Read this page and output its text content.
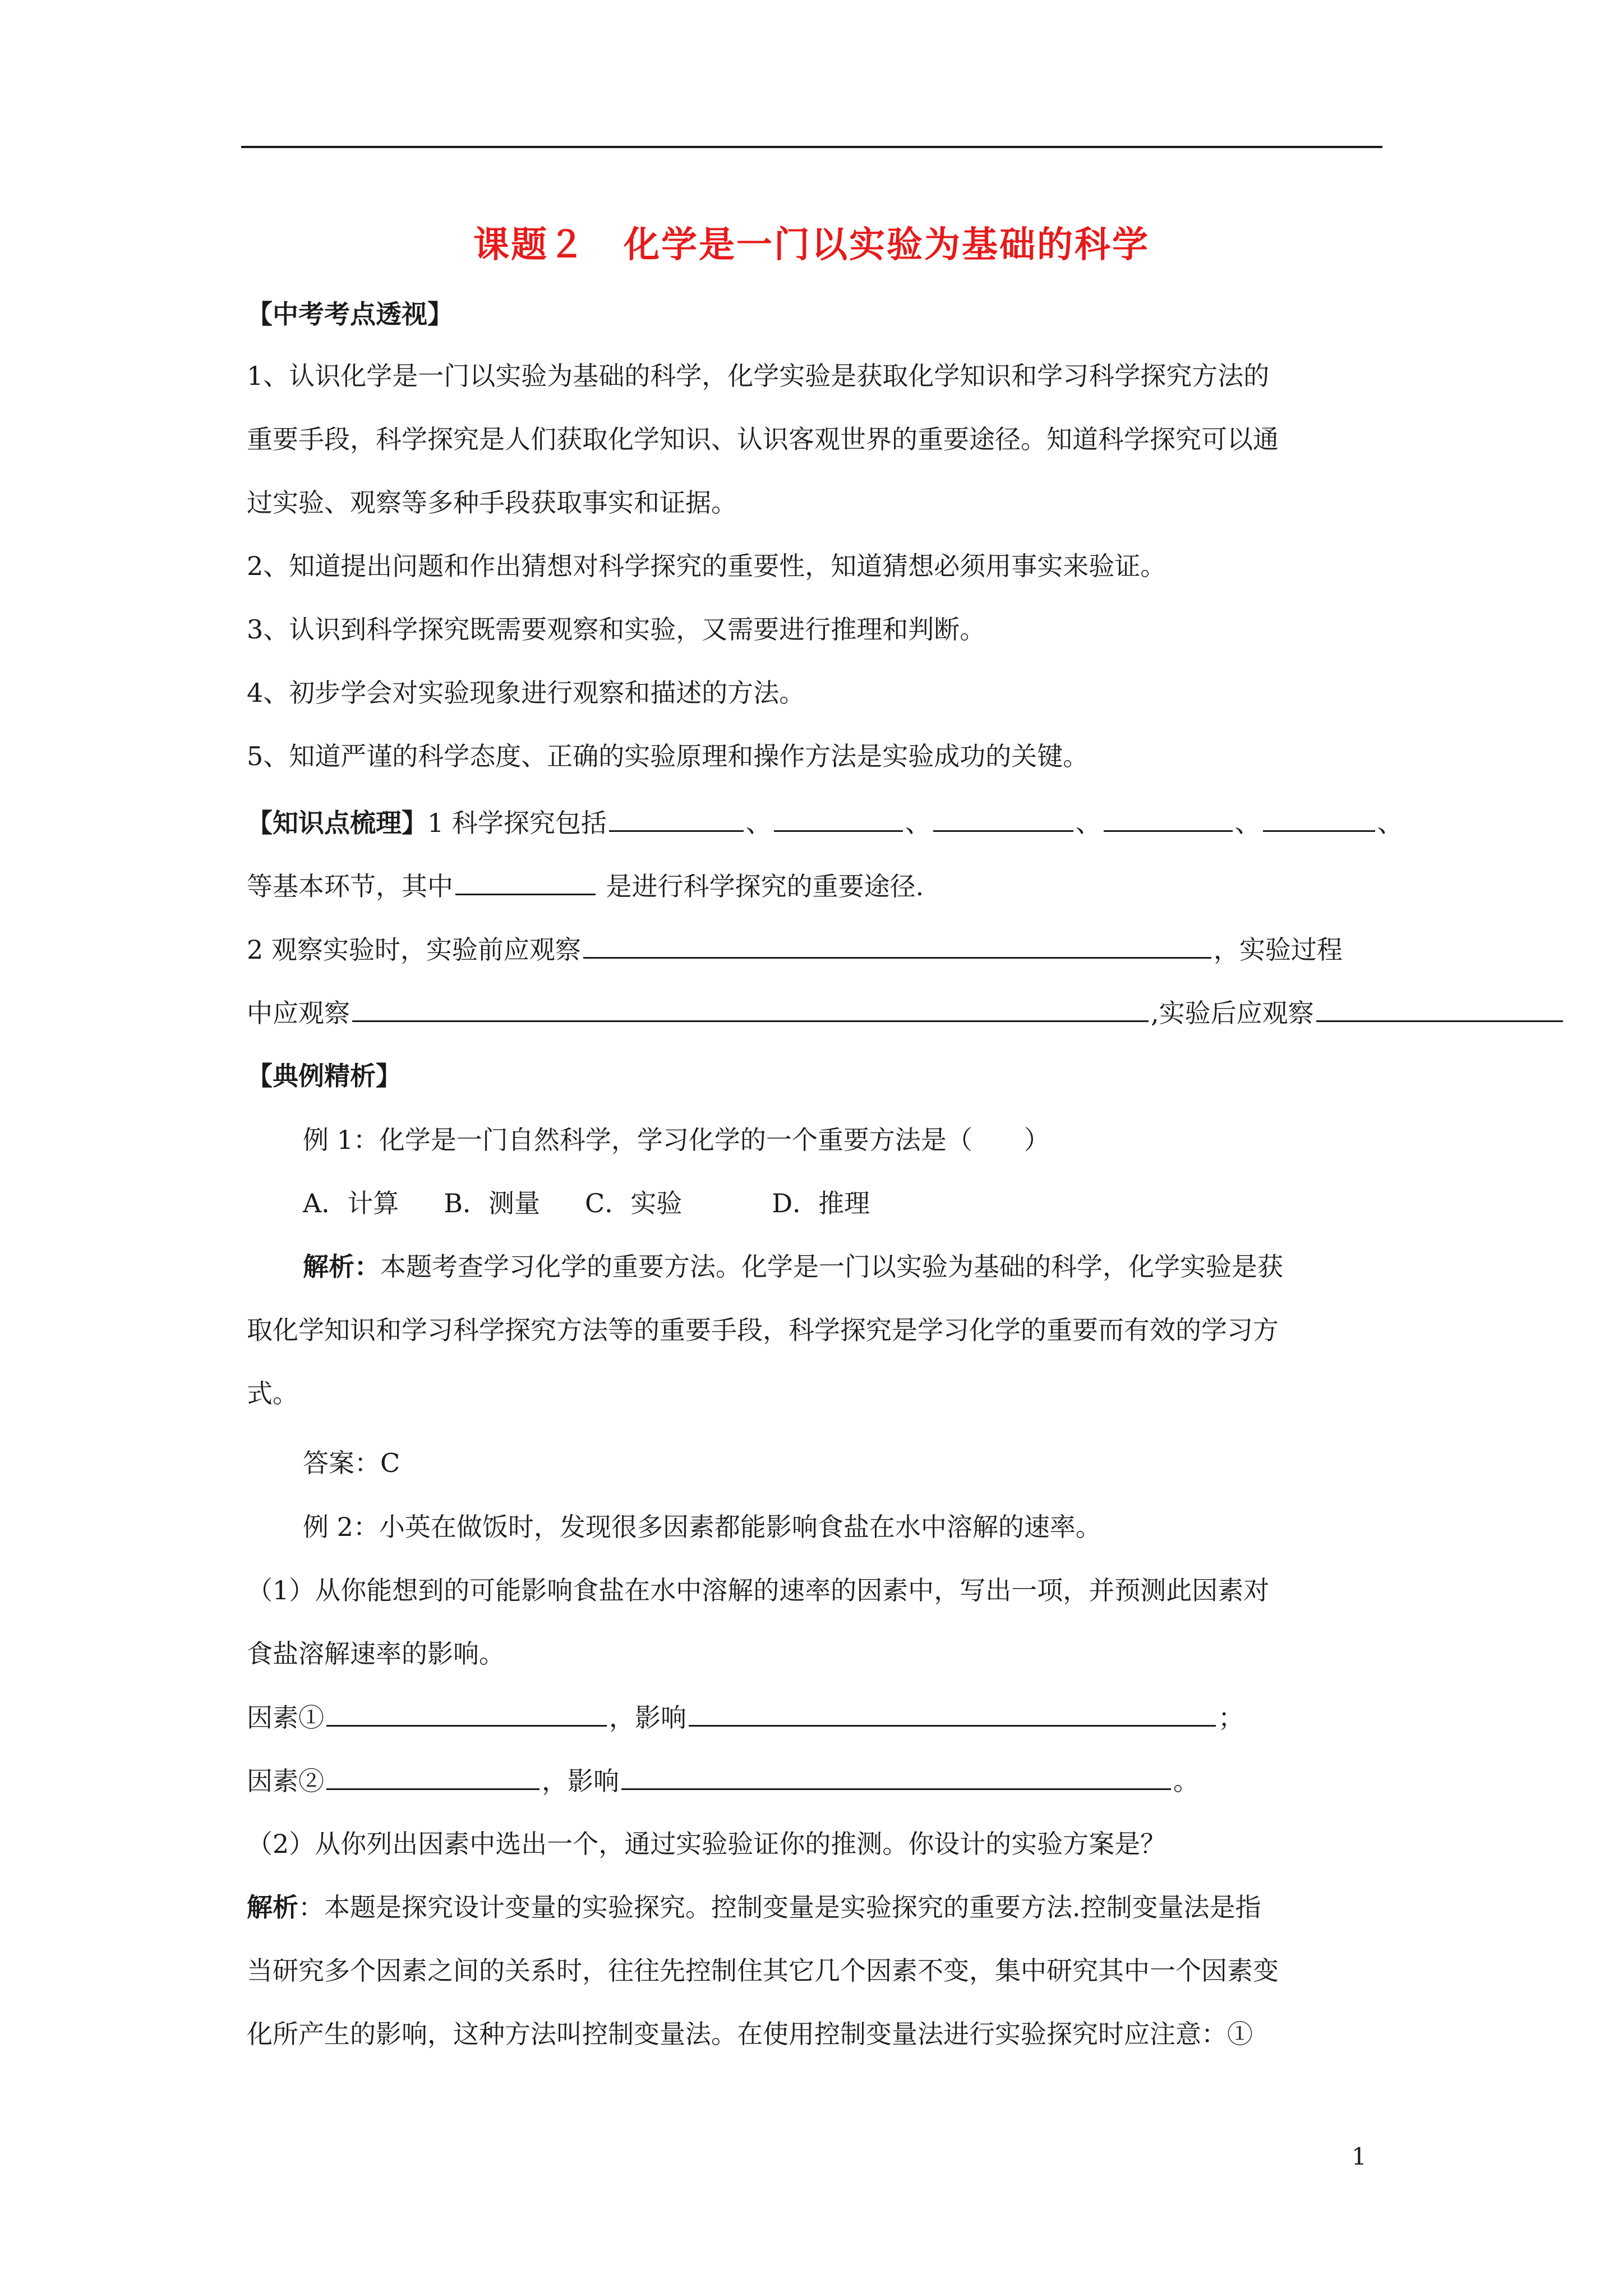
课题２　化学是一门以实验为基础的科学
【中考考点透视】
1、认识化学是一门以实验为基础的科学，化学实验是获取化学知识和学习科学探究方法的
重要手段，科学探究是人们获取化学知识、认识客观世界的重要途径。知道科学探究可以通
过实验、观察等多种手段获取事实和证据。
2、知道提出问题和作出猜想对科学探究的重要性，知道猜想必须用事实来验证。
3、认识到科学探究既需要观察和实验，又需要进行推理和判断。
4、初步学会对实验现象进行观察和描述的方法。
5、知道严谨的科学态度、正确的实验原理和操作方法是实验成功的关键。
【知识点梳理】1 科学探究包括	、	、	、	、	、
等基本环节，其中	是进行科学探究的重要途径.
2 观察实验时，实验前应观察	，实验过程
中应观察	,实验后应观察
【典例精析】
例 1：化学是一门自然科学，学习化学的一个重要方法是（　　）
A．计算 B．测量 C．实验	D．推理
解析：本题考查学习化学的重要方法。化学是一门以实验为基础的科学，化学实验是获
取化学知识和学习科学探究方法等的重要手段，科学探究是学习化学的重要而有效的学习方
式。
答案：C
例 2：小英在做饭时，发现很多因素都能影响食盐在水中溶解的速率。
（1）从你能想到的可能影响食盐在水中溶解的速率的因素中，写出一项，并预测此因素对
食盐溶解速率的影响。
因素①	，影响	；
因素②	，影响	。
（2）从你列出因素中选出一个，通过实验验证你的推测。你设计的实验方案是？
解析：本题是探究设计变量的实验探究。控制变量是实验探究的重要方法.控制变量法是指
当研究多个因素之间的关系时，往往先控制住其它几个因素不变，集中研究其中一个因素变
化所产生的影响，这种方法叫控制变量法。在使用控制变量法进行实验探究时应注意：①
1
